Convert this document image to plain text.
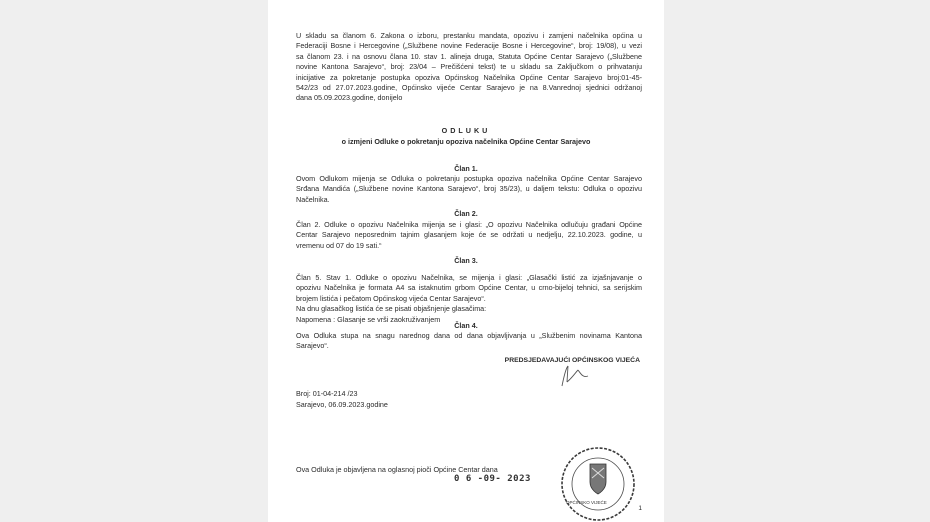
U skladu sa članom 6. Zakona o izboru, prestanku mandata, opozivu i zamjeni načelnika općina u
Federaciji Bosne i Hercegovine („Službene novine Federacije Bosne i Hercegovine“, broj: 19/08), u vezi
sa članom 23. i na osnovu člana 10. stav 1. alineja druga, Statuta Općine Centar Sarajevo („Službene
novine Kantona Sarajevo“, broj: 23/04 – Prečišćeni tekst) te u skladu sa Zaključkom o prihvatanju
inicijative za pokretanje postupka opoziva Općinskog Načelnika Općine Centar Sarajevo broj:01-45-
542/23 od 27.07.2023.godine, Općinsko vijeće Centar Sarajevo je na 8.Vanrednoj sjednici održanoj
dana 05.09.2023.godine, donijelo
ODLUKU
o izmjeni Odluke o pokretanju opoziva načelnika Općine Centar Sarajevo
Član 1.
Ovom Odlukom mijenja se Odluka o pokretanju postupka opoziva načelnika Općine Centar Sarajevo
Srđana Mandića („Službene novine Kantona Sarajevo“, broj 35/23), u daljem tekstu: Odluka o opozivu
Načelnika.
Član 2.
Član 2. Odluke o opozivu Načelnika mijenja se i glasi: „O opozivu Načelnika odlučuju građani Općine
Centar Sarajevo neposrednim tajnim glasanjem koje će se održati u nedjelju, 22.10.2023. godine, u
vremenu od 07 do 19 sati.“
Član 3.
Član 5. Stav 1. Odluke o opozivu Načelnika, se mijenja i glasi: „Glasački listić za izjašnjavanje o
opozivu Načelnika je formata A4 sa istaknutim grbom Općine Centar, u crno-bijeloj tehnici, sa serijskim
brojem listića i pečatom Općinskog vijeća Centar Sarajevo“.
Na dnu glasačkog listića će se pisati objašnjenje glasačima:
Napomena : Glasanje se vrši zaokruživanjem
Član 4.
Ova Odluka stupa na snagu narednog dana od dana objavljivanja u „Službenim novinama Kantona
Sarajevo“.
PREDSJEDAVAJUĆI OPĆINSKOG VIJEĆA
Broj: 01-04-214 /23
Sarajevo, 06.09.2023.godine
Ova Odluka je objavljena na oglasnoj pioči Općine Centar dana
0 6 -09- 2023
OPĆINSKO VIJEĆE
1
